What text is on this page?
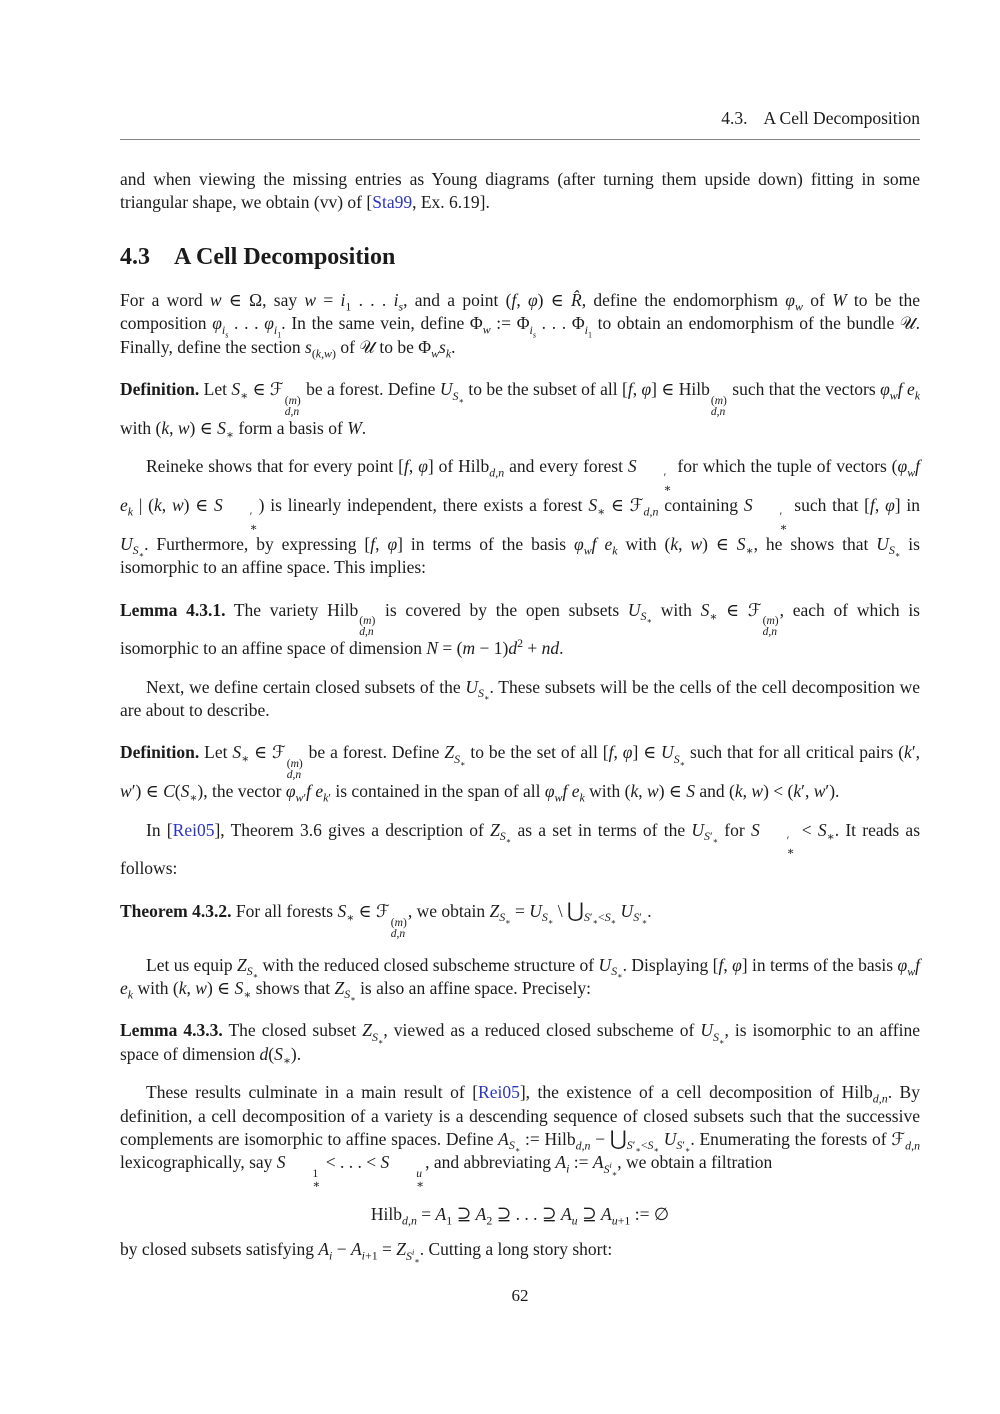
4.3. A Cell Decomposition

and when viewing the missing entries as Young diagrams (after turning them upside down) fitting in some triangular shape, we obtain (vv) of [Sta99, Ex. 6.19].

4.3 A Cell Decomposition

For a word w ∈ Ω, say $w = i_1$ . . . $i_s$, and a point (f, φ) ∈ R̂, define the endomorphism $\varphi_w$ of W to be the composition $\varphi_{i_s}$ . . . $\varphi_{i_1}$. In the same vein, define $\Phi_w$ := $\Phi_{i_s}$ . . . $\Phi_{i_1}$ to obtain an endomorphism of the bundle 𝒰. Finally, define the section $s_{(k,w)}$ of 𝒰 to be $\Phi_ws_k$.

Definition. Let $S_∗$ ∈ ℱ
(m)
d,n
be a forest. Define $U_{S_∗}$ to be the subset of all [f, φ] ∈ Hilb
(m)
d,n
such that the vectors $\varphi_wf$ $e_k$ with (k, w) ∈ $S_∗$ form a basis of W.

Reineke shows that for every point [f, φ] of Hilb$_{d,n}$ and every forest S
′
∗
for which the tuple of vectors ($\varphi_wf$ $e_k$ | (k, w) ∈ S
′
∗
) is linearly independent, there exists a forest $S_∗$ ∈ ℱ$_{d,n}$ containing S
′
∗
such that [f, φ] in $U_{S_∗}$. Furthermore, by expressing [f, φ] in terms of the basis $\varphi_wf$ $e_k$ with (k, w) ∈ $S_∗$, he shows that $U_{S_∗}$ is isomorphic to an affine space. This implies:

Lemma 4.3.1. The variety Hilb
(m)
d,n
is covered by the open subsets $U_{S_∗}$ with $S_∗$ ∈ ℱ
(m)
d,n
, each of which is isomorphic to an affine space of dimension $N = (m - 1)d^2$ + nd.

Next, we define certain closed subsets of the $U_{S_∗}$. These subsets will be the cells of the cell decomposition we are about to describe.

Definition. Let $S_∗$ ∈ ℱ
(m)
d,n
be a forest. Define $Z_{S_∗}$ to be the set of all [f, φ] ∈ $U_{S_∗}$ such that for all critical pairs (k′, w′) ∈ $C(S_∗)$, the vector $\varphi_{w'}f$ $e_{k'}$ is contained in the span of all $\varphi_wf$ $e_k$ with (k, w) ∈ S and (k, w) < (k′, w′).

In [Rei05], Theorem 3.6 gives a description of $Z_{S_∗}$ as a set in terms of the $U_{S'_∗}$ for S
′
∗
< $S_∗$. It reads as follows:

Theorem 4.3.2. For all forests $S_∗$ ∈ ℱ
(m)
d,n
, we obtain $Z_{S_∗} = U_{S_∗}$ \ $⋃_{S'_∗<S_∗}$ $U_{S'_∗}$.

Let us equip $Z_{S_∗}$ with the reduced closed subscheme structure of $U_{S_∗}$. Displaying [f, φ] in terms of the basis $\varphi_wf$ $e_k$ with (k, w) ∈ $S_∗$ shows that $Z_{S_∗}$ is also an affine space. Precisely:

Lemma 4.3.3. The closed subset $Z_{S_∗}$, viewed as a reduced closed subscheme of $U_{S_∗}$, is isomorphic to an affine space of dimension $d(S_∗)$.

These results culminate in a main result of [Rei05], the existence of a cell decomposition of Hilb$_{d,n}$. By definition, a cell decomposition of a variety is a descending sequence of closed subsets such that the successive complements are isomorphic to affine spaces. Define $A_{S_∗}$ := Hilb$_{d,n}$ − $⋃_{S'_∗<S_∗}$ $U_{S'_∗}$. Enumerating the forests of ℱ$_{d,n}$ lexicographically, say S
1
∗
< . . . < S
u
∗
, and abbreviating $A_i$ := $A_{S^i_∗}$, we obtain a filtration

Hilb$_{d,n}$ = $A_1$ ⊇ $A_2$ ⊇ . . . ⊇ $A_u$ ⊇ $A_{u+1}$ := ∅

by closed subsets satisfying $A_i - A_{i+1} = Z_{S^i_∗}$. Cutting a long story short:

62
